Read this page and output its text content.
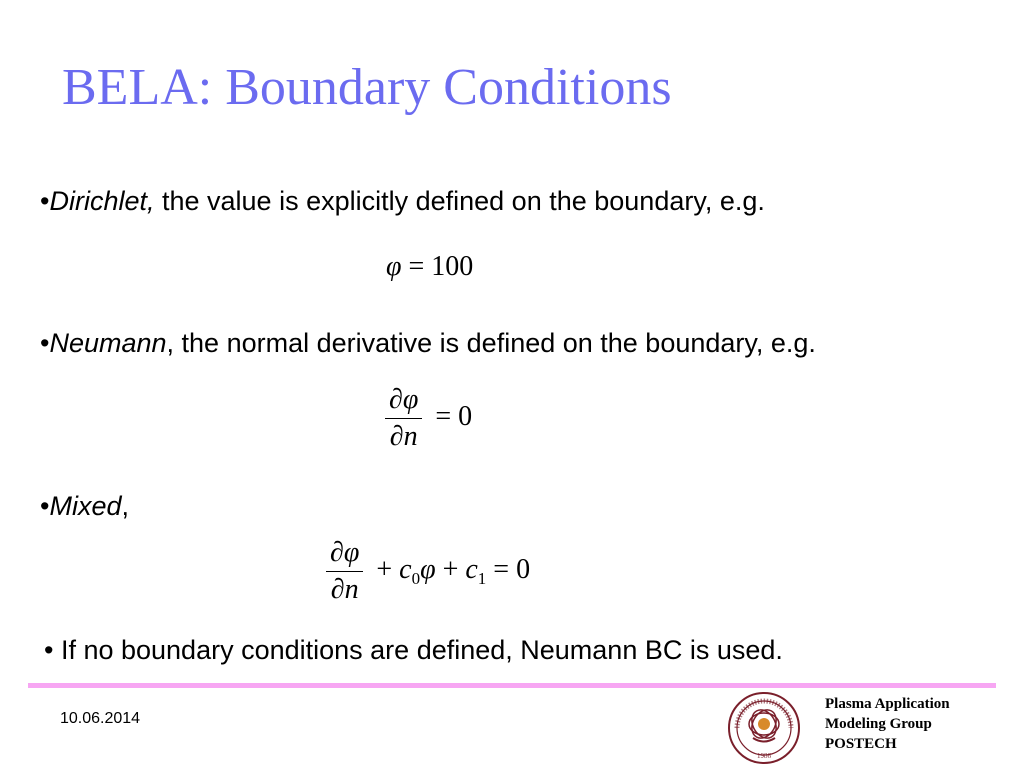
BELA: Boundary Conditions
•Dirichlet, the value is explicitly defined on the boundary, e.g.
φ = 100
•Neumann, the normal derivative is defined on the boundary, e.g.
$\frac{\partial\varphi}{\partial n} = 0$
•Mixed,
$\frac{\partial\varphi}{\partial n} + c_0\varphi + c_1 = 0$
• If no boundary conditions are defined, Neumann BC is used.
10.06.2014
1986
Plasma Application
Modeling Group
POSTECH
